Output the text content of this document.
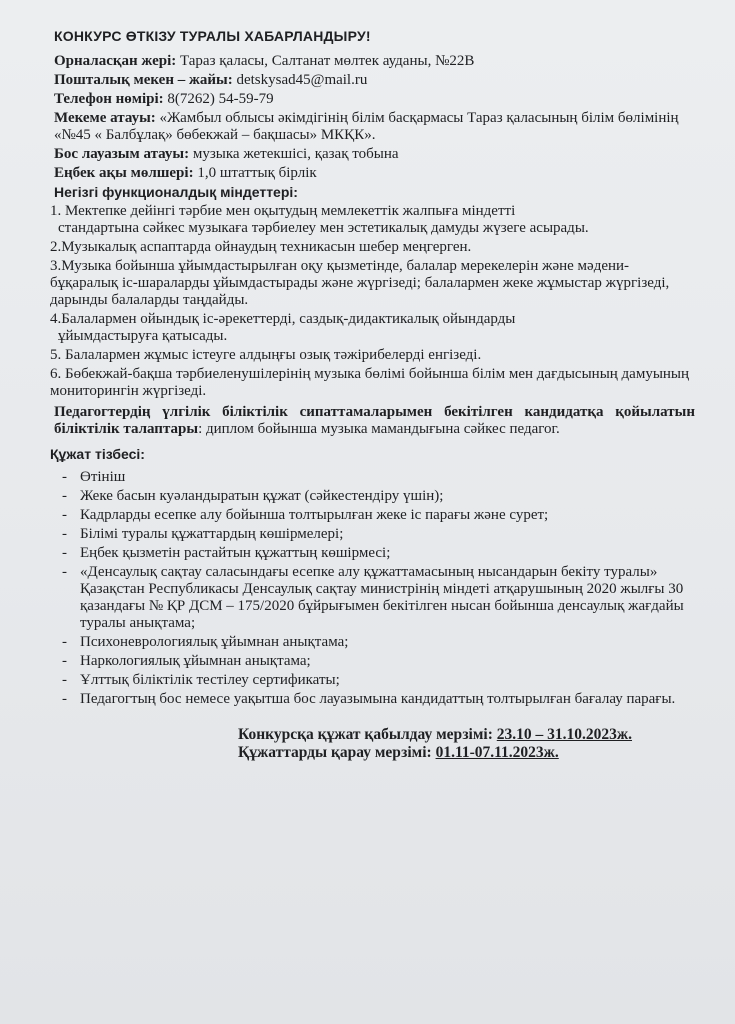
КОНКУРС ӨТКІЗУ ТУРАЛЫ ХАБАРЛАНДЫРУ!
Орналасқан жері: Тараз қаласы, Салтанат мөлтек ауданы, №22В
Пошталық мекен – жайы: detskysad45@mail.ru
Телефон нөмірі: 8(7262) 54-59-79
Мекеме атауы: «Жамбыл облысы әкімдігінің білім басқармасы Тараз қаласының білім бөлімінің «№45 « Балбұлақ» бөбекжай – бақшасы» МКҚК».
Бос лауазым атауы: музыка жетекшісі, қазақ тобына
Еңбек ақы мөлшері: 1,0 штаттық бірлік
Негізгі функционалдық міндеттері:
1. Мектепке дейінгі тәрбие мен оқытудың мемлекеттік жалпыға міндетті
стандартына сәйкес музыкаға тәрбиелеу мен эстетикалық дамуды жүзеге асырады.
2.Музыкалық аспаптарда ойнаудың техникасын шебер меңгерген.
3.Музыка бойынша ұйымдастырылған оқу қызметінде, балалар мерекелерін және мәдени- бұқаралық іс-шараларды ұйымдастырады және жүргізеді; балалармен жеке жұмыстар жүргізеді, дарынды балаларды таңдайды.
4.Балалармен ойындық іс-әрекеттерді, саздық-дидактикалық ойындарды
ұйымдастыруға қатысады.
5. Балалармен жұмыс істеуге алдыңғы озық тәжірибелерді енгізеді.
6. Бөбекжай-бақша тәрбиеленушілерінің музыка бөлімі бойынша білім мен дағдысының дамуының мониторингін жүргізеді.
Педагогтердің үлгілік біліктілік сипаттамаларымен бекітілген кандидатқа қойылатын біліктілік талаптары: диплом бойынша музыка мамандығына сәйкес педагог.
Құжат тізбесі:
- Өтініш
- Жеке басын куәландыратын құжат (сәйкестендіру үшін);
- Кадрларды есепке алу бойынша толтырылған жеке іс парағы және сурет;
- Білімі туралы құжаттардың көшірмелері;
- Еңбек қызметін растайтын құжаттың көшірмесі;
- «Денсаулық сақтау саласындағы есепке алу құжаттамасының нысандарын бекіту туралы» Қазақстан Республикасы Денсаулық сақтау министрінің міндеті атқарушының 2020 жылғы 30 қазандағы № ҚР ДСМ – 175/2020 бұйрығымен бекітілген нысан бойынша денсаулық жағдайы туралы анықтама;
- Психоневрологиялық ұйымнан анықтама;
- Наркологиялық ұйымнан анықтама;
- Ұлттық біліктілік тестілеу сертификаты;
- Педагогтың бос немесе уақытша бос лауазымына кандидаттың толтырылған бағалау парағы.
Конкурсқа құжат қабылдау мерзімі: 23.10 – 31.10.2023ж.
Құжаттарды қарау мерзімі: 01.11-07.11.2023ж.
